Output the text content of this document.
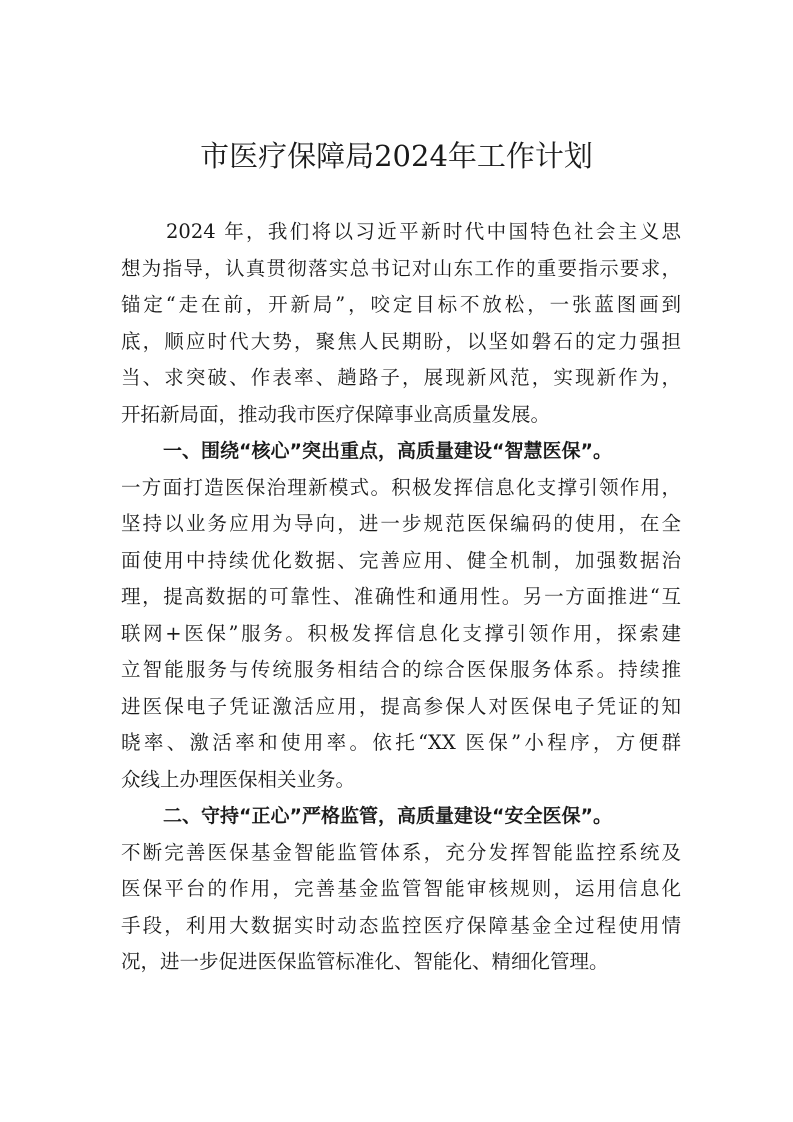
市医疗保障局2024年工作计划
2024 年，我们将以习近平新时代中国特色社会主义思
想为指导，认真贯彻落实总书记对山东工作的重要指示要求，
锚定“走在前，开新局”，咬定目标不放松，一张蓝图画到
底，顺应时代大势，聚焦人民期盼，以坚如磐石的定力强担
当、求突破、作表率、趟路子，展现新风范，实现新作为，
开拓新局面，推动我市医疗保障事业高质量发展。
一、围绕“核心”突出重点，高质量建设“智慧医保”。
一方面打造医保治理新模式。积极发挥信息化支撑引领作用，
坚持以业务应用为导向，进一步规范医保编码的使用，在全
面使用中持续优化数据、完善应用、健全机制，加强数据治
理，提高数据的可靠性、准确性和通用性。另一方面推进“互
联网+医保”服务。积极发挥信息化支撑引领作用，探索建
立智能服务与传统服务相结合的综合医保服务体系。持续推
进医保电子凭证激活应用，提高参保人对医保电子凭证的知
晓率、激活率和使用率。依托“XX 医保”小程序，方便群
众线上办理医保相关业务。
二、守持“正心”严格监管，高质量建设“安全医保”。
不断完善医保基金智能监管体系，充分发挥智能监控系统及
医保平台的作用，完善基金监管智能审核规则，运用信息化
手段，利用大数据实时动态监控医疗保障基金全过程使用情
况，进一步促进医保监管标准化、智能化、精细化管理。
